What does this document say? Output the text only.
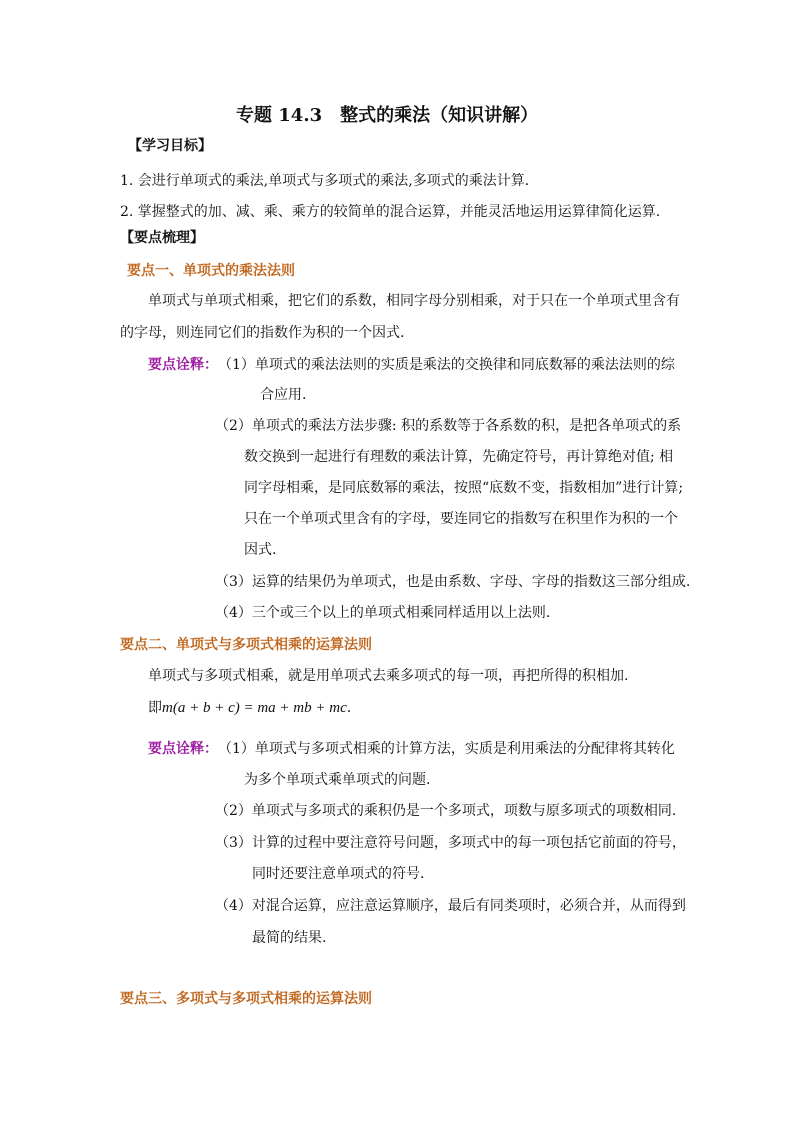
专题 14.3　整式的乘法（知识讲解）
【学习目标】
1. 会进行单项式的乘法,单项式与多项式的乘法,多项式的乘法计算．
2. 掌握整式的加、减、乘、乘方的较简单的混合运算，并能灵活地运用运算律简化运算.
【要点梳理】
要点一、单项式的乘法法则
单项式与单项式相乘，把它们的系数，相同字母分别相乘，对于只在一个单项式里含有
的字母，则连同它们的指数作为积的一个因式.
要点诠释： （1）单项式的乘法法则的实质是乘法的交换律和同底数幂的乘法法则的综
合应用.
（2）单项式的乘法方法步骤: 积的系数等于各系数的积，是把各单项式的系
数交换到一起进行有理数的乘法计算，先确定符号，再计算绝对值; 相
同字母相乘，是同底数幂的乘法，按照“底数不变，指数相加”进行计算;
只在一个单项式里含有的字母，要连同它的指数写在积里作为积的一个
因式.
（3）运算的结果仍为单项式，也是由系数、字母、字母的指数这三部分组成.
（4）三个或三个以上的单项式相乘同样适用以上法则.
要点二、单项式与多项式相乘的运算法则
单项式与多项式相乘，就是用单项式去乘多项式的每一项，再把所得的积相加.
即m(a + b + c) = ma + mb + mc.
要点诠释： （1）单项式与多项式相乘的计算方法，实质是利用乘法的分配律将其转化
为多个单项式乘单项式的问题.
（2）单项式与多项式的乘积仍是一个多项式，项数与原多项式的项数相同.
（3）计算的过程中要注意符号问题，多项式中的每一项包括它前面的符号，
同时还要注意单项式的符号.
（4）对混合运算，应注意运算顺序，最后有同类项时，必须合并，从而得到
最简的结果.
要点三、多项式与多项式相乘的运算法则
